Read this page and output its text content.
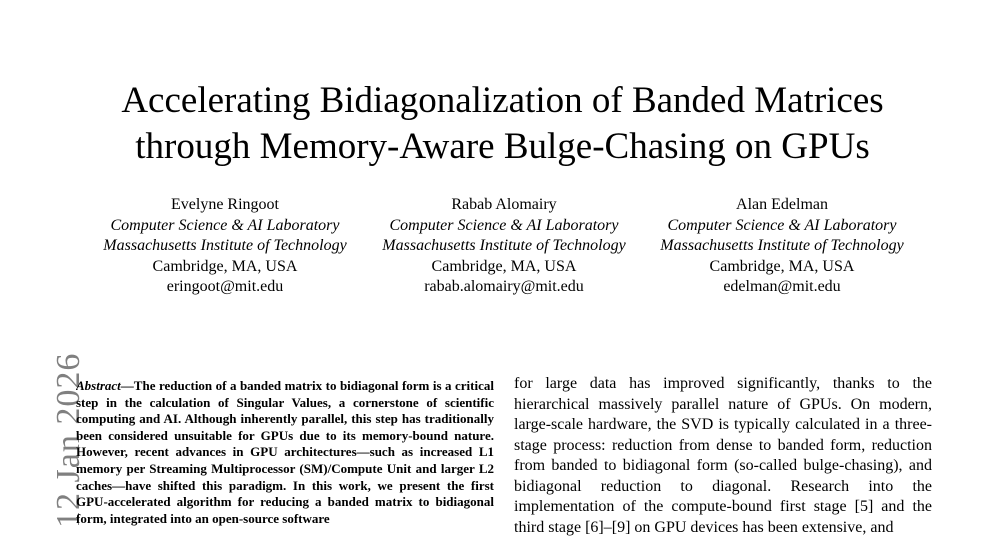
Accelerating Bidiagonalization of Banded Matrices
through Memory-Aware Bulge-Chasing on GPUs
Evelyne Ringoot
Computer Science & AI Laboratory
Massachusetts Institute of Technology
Cambridge, MA, USA
eringoot@mit.edu
Rabab Alomairy
Computer Science & AI Laboratory
Massachusetts Institute of Technology
Cambridge, MA, USA
rabab.alomairy@mit.edu
Alan Edelman
Computer Science & AI Laboratory
Massachusetts Institute of Technology
Cambridge, MA, USA
edelman@mit.edu
12 Jan 2026
Abstract—The reduction of a banded matrix to bidiagonal form is a critical step in the calculation of Singular Values, a cornerstone of scientific computing and AI. Although inherently parallel, this step has traditionally been considered unsuitable for GPUs due to its memory-bound nature. However, recent advances in GPU architectures—such as increased L1 memory per Streaming Multiprocessor (SM)/Compute Unit and larger L2 caches—have shifted this paradigm. In this work, we present the first GPU-accelerated algorithm for reducing a banded matrix to bidiagonal form, integrated into an open-source software
for large data has improved significantly, thanks to the hierarchical massively parallel nature of GPUs. On modern, large-scale hardware, the SVD is typically calculated in a three-stage process: reduction from dense to banded form, reduction from banded to bidiagonal form (so-called bulge-chasing), and bidiagonal reduction to diagonal. Research into the implementation of the compute-bound first stage [5] and the third stage [6]–[9] on GPU devices has been extensive, and
